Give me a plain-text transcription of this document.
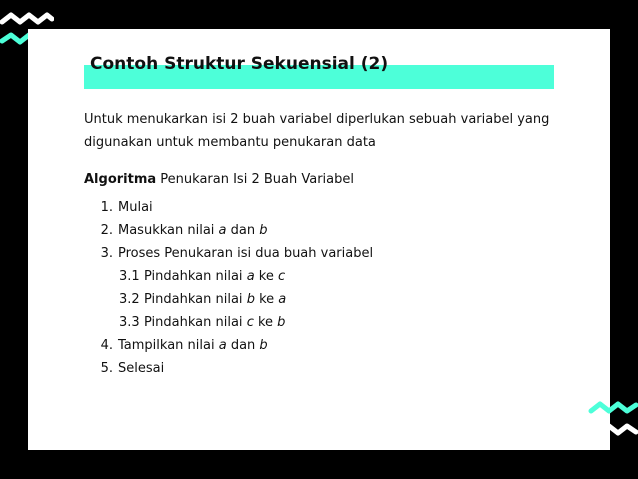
Contoh Struktur Sekuensial (2)

Untuk menukarkan isi 2 buah variabel diperlukan sebuah variabel yang digunakan untuk membantu penukaran data

Algoritma Penukaran Isi 2 Buah Variabel

1. Mulai
2. Masukkan nilai a dan b
3. Proses Penukaran isi dua buah variabel
3.1 Pindahkan nilai a ke c
3.2 Pindahkan nilai b ke a
3.3 Pindahkan nilai c ke b
4. Tampilkan nilai a dan b
5. Selesai
